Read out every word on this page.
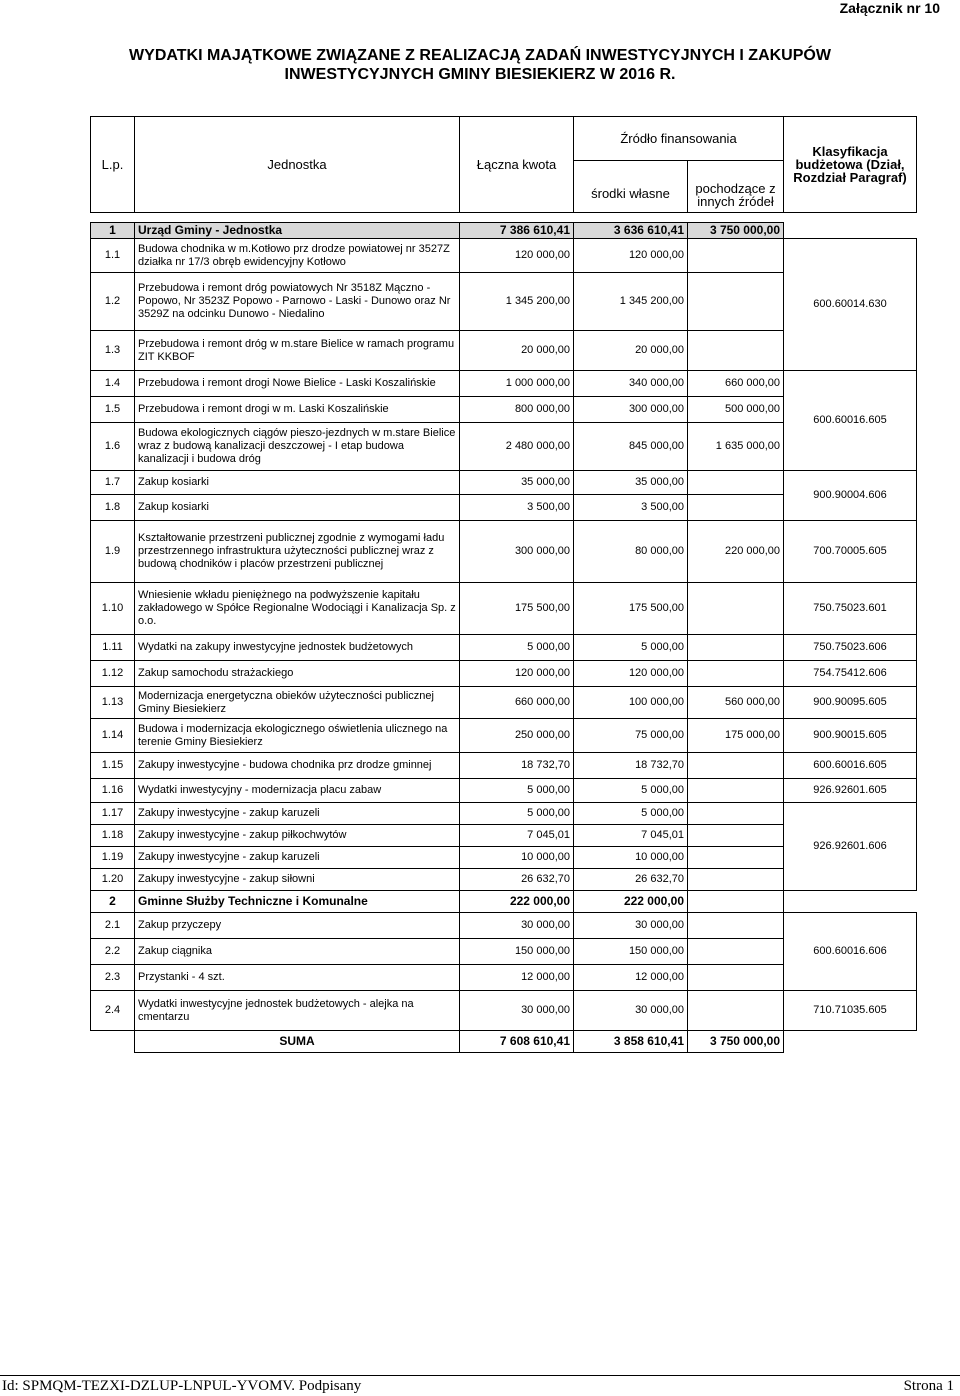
Załącznik nr 10
WYDATKI MAJĄTKOWE ZWIĄZANE Z REALIZACJĄ ZADAŃ INWESTYCYJNYCH I ZAKUPÓW
INWESTYCYJNYCH GMINY BIESIEKIERZ W 2016 R.
L.p.	Jednostka	Łączna kwota	Źródło finansowania		Klasyfikacja budżetowa (Dział, Rozdział Paragraf)
			środki własne	pochodzące z innych źródeł	

1	Urząd Gminy - Jednostka	7 386 610,41	3 636 610,41	3 750 000,00	
1.1	Budowa chodnika w m.Kotłowo prz drodze powiatowej nr 3527Z działka nr 17/3 obręb ewidencyjny Kotłowo	120 000,00	120 000,00		600.60014.630
1.2	Przebudowa i remont dróg powiatowych Nr 3518Z Mączno - Popowo, Nr 3523Z Popowo - Parnowo - Laski - Dunowo oraz Nr 3529Z na odcinku Dunowo - Niedalino	1 345 200,00	1 345 200,00		
1.3	Przebudowa i remont dróg w m.stare Bielice w ramach programu ZIT KKBOF	20 000,00	20 000,00		
1.4	Przebudowa i remont drogi Nowe Bielice - Laski Koszalińskie	1 000 000,00	340 000,00	660 000,00	600.60016.605
1.5	Przebudowa i remont drogi w m. Laski Koszalińskie	800 000,00	300 000,00	500 000,00	
1.6	Budowa ekologicznych ciągów pieszo-jezdnych w m.stare Bielice wraz z budową kanalizacji deszczowej - I etap budowa kanalizacji i budowa dróg	2 480 000,00	845 000,00	1 635 000,00	
1.7	Zakup kosiarki	35 000,00	35 000,00		900.90004.606
1.8	Zakup kosiarki	3 500,00	3 500,00		
1.9	Kształtowanie przestrzeni publicznej zgodnie z wymogami ładu przestrzennego infrastruktura użyteczności publicznej wraz z budową chodników i placów przestrzeni publicznej	300 000,00	80 000,00	220 000,00	700.70005.605
1.10	Wniesienie wkładu pieniężnego na podwyższenie kapitału zakładowego w Spółce Regionalne Wodociągi i Kanalizacja Sp. z o.o.	175 500,00	175 500,00		750.75023.601
1.11	Wydatki na zakupy inwestycyjne jednostek budżetowych	5 000,00	5 000,00		750.75023.606
1.12	Zakup samochodu strażackiego	120 000,00	120 000,00		754.75412.606
1.13	Modernizacja energetyczna obieków użyteczności publicznej Gminy Biesiekierz	660 000,00	100 000,00	560 000,00	900.90095.605
1.14	Budowa i modernizacja ekologicznego oświetlenia ulicznego na terenie Gminy Biesiekierz	250 000,00	75 000,00	175 000,00	900.90015.605
1.15	Zakupy inwestycyjne - budowa chodnika prz drodze gminnej	18 732,70	18 732,70		600.60016.605
1.16	Wydatki inwestycyjny - modernizacja placu zabaw	5 000,00	5 000,00		926.92601.605
1.17	Zakupy inwestycyjne - zakup karuzeli	5 000,00	5 000,00		926.92601.606
1.18	Zakupy inwestycyjne - zakup piłkochwytów	7 045,01	7 045,01		
1.19	Zakupy inwestycyjne - zakup karuzeli	10 000,00	10 000,00		
1.20	Zakupy inwestycyjne - zakup siłowni	26 632,70	26 632,70		
2	Gminne Służby Techniczne i Komunalne	222 000,00	222 000,00		
2.1	Zakup przyczepy	30 000,00	30 000,00		600.60016.606
2.2	Zakup ciągnika	150 000,00	150 000,00		
2.3	Przystanki - 4 szt.	12 000,00	12 000,00		
2.4	Wydatki inwestycyjne jednostek budżetowych - alejka na cmentarzu	30 000,00	30 000,00		710.71035.605
	SUMA	7 608 610,41	3 858 610,41	3 750 000,00	
Id: SPMQM-TEZXI-DZLUP-LNPUL-YVOMV. Podpisany	Strona 1
